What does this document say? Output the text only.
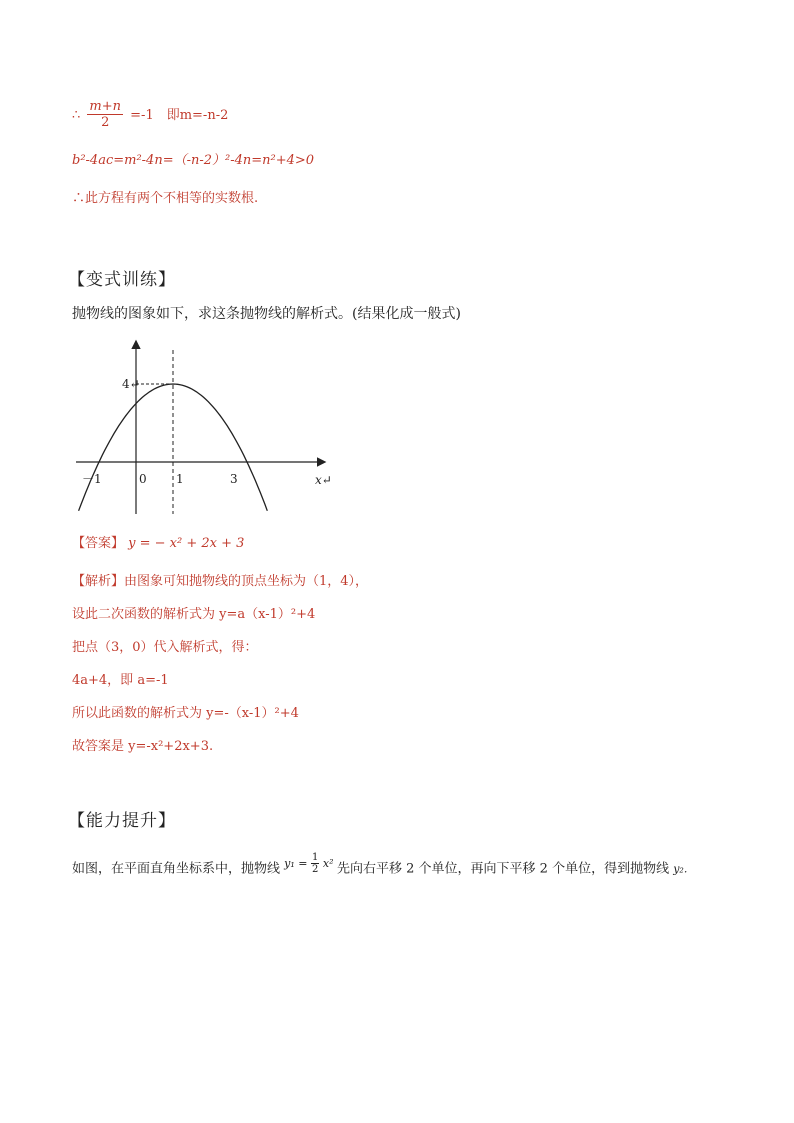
∴ $\frac{m+n}{2} =-1$　即m=-n-2
b²-4ac=m²-4n=（-n-2）²-4n=n²+4>0
∴此方程有两个不相等的实数根.
【变式训练】
抛物线的图象如下，求这条抛物线的解析式。(结果化成一般式)
4↵
－1	0 1	3	x↵
【答案】 y = − x² + 2x + 3
【解析】由图象可知抛物线的顶点坐标为（1，4），
设此二次函数的解析式为 y=a（x-1）²+4
把点（3，0）代入解析式，得：
4a+4，即 a=-1
所以此函数的解析式为 y=-（x-1）²+4
故答案是 y=-x²+2x+3.
【能力提升】
如图，在平面直角坐标系中，抛物线 $^{y_1 = \frac{1}{2} x^2}$ 先向右平移 2 个单位，再向下平移 2 个单位，得到抛物线 y₂.
